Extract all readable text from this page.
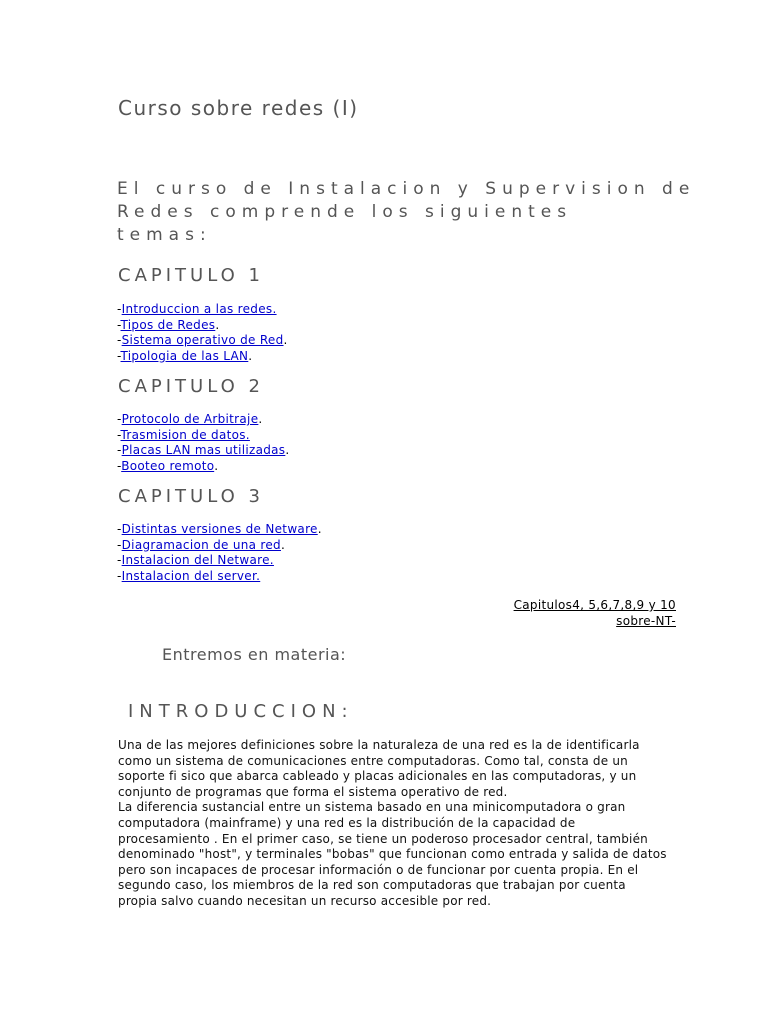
Curso sobre redes (I)
El curso de Instalacion y Supervision de
Redes comprende los siguientes
temas:
CAPITULO 1
-Introduccion a las redes.
-Tipos de Redes.
-Sistema operativo de Red.
-Tipologia de las LAN.
CAPITULO 2
-Protocolo de Arbitraje.
-Trasmision de datos.
-Placas LAN mas utilizadas.
-Booteo remoto.
CAPITULO 3
-Distintas versiones de Netware.
-Diagramacion de una red.
-Instalacion del Netware.
-Instalacion del server.
Capitulos4, 5,6,7,8,9 y 10
sobre-NT-
Entremos en materia:
INTRODUCCION:
Una de las mejores definiciones sobre la naturaleza de una red es la de identificarla
como un sistema de comunicaciones entre computadoras. Como tal, consta de un
soporte fi sico que abarca cableado y placas adicionales en las computadoras, y un
conjunto de programas que forma el sistema operativo de red.
La diferencia sustancial entre un sistema basado en una minicomputadora o gran
computadora (mainframe) y una red es la distribución de la capacidad de
procesamiento . En el primer caso, se tiene un poderoso procesador central, también
denominado "host", y terminales "bobas" que funcionan como entrada y salida de datos
pero son incapaces de procesar información o de funcionar por cuenta propia. En el
segundo caso, los miembros de la red son computadoras que trabajan por cuenta
propia salvo cuando necesitan un recurso accesible por red.
